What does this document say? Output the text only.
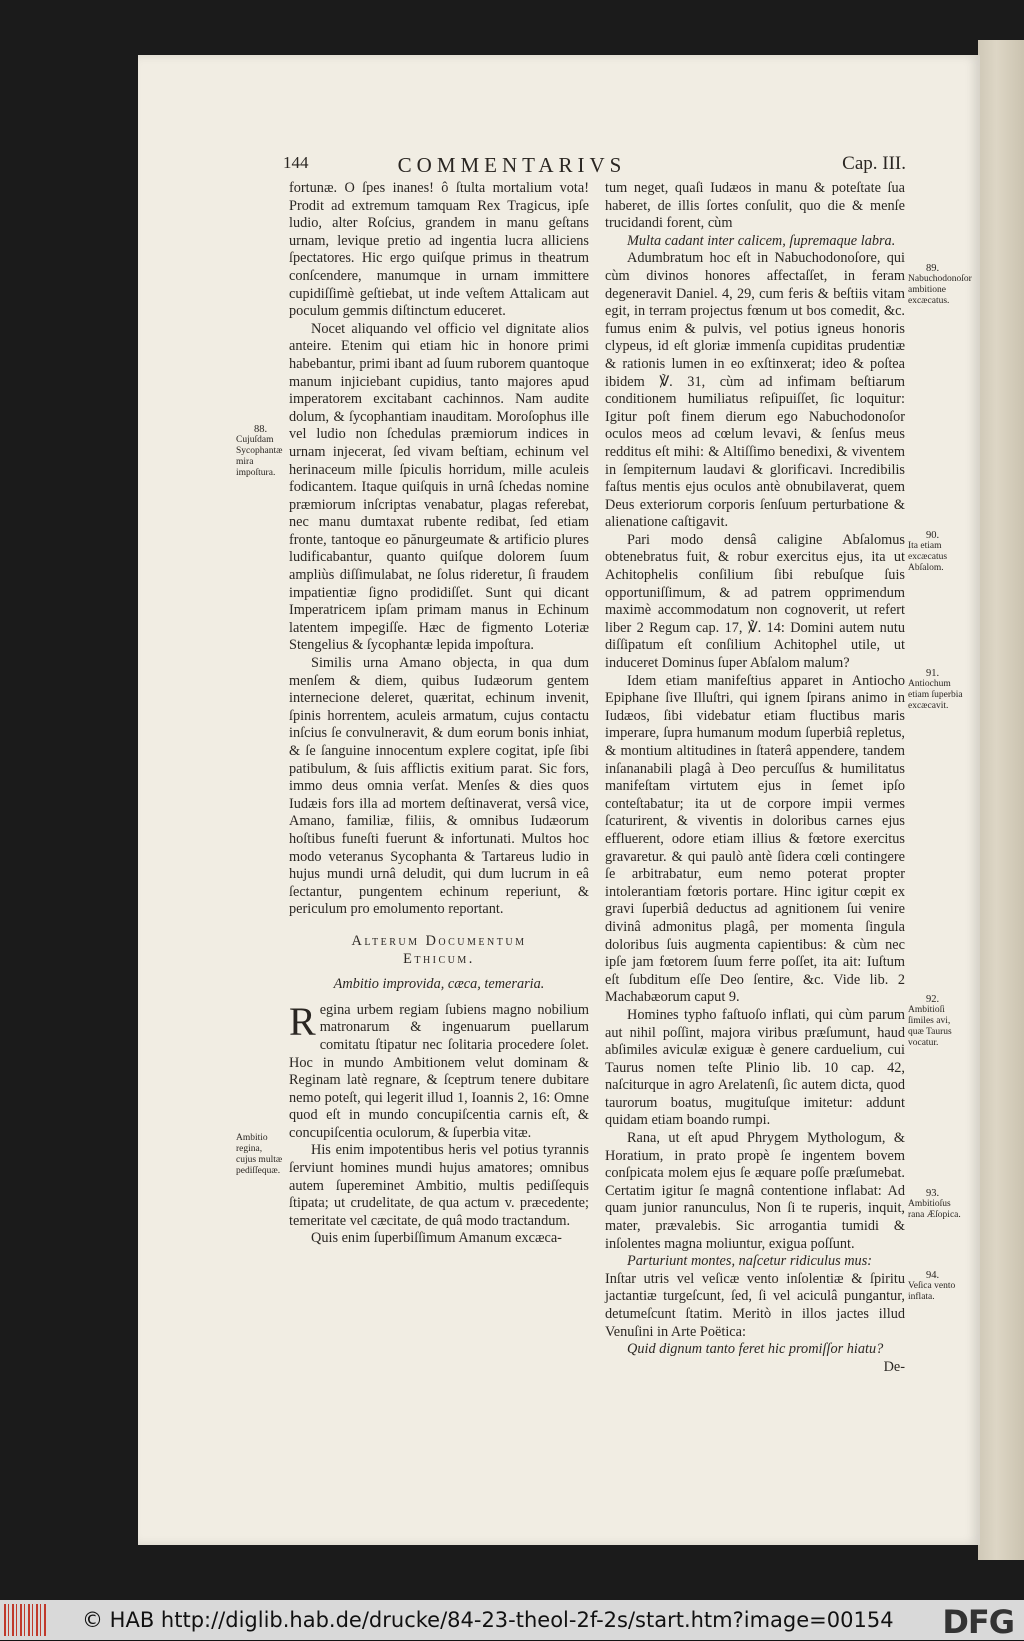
144	COMMENTARIVS	Cap. III.

fortunæ. O ſpes inanes! ô ſtulta mortalium vota! Prodit ad extremum tamquam Rex Tragicus, ipſe ludio, alter Roſcius, grandem in manu geſtans urnam, levique pretio ad ingentia lucra alliciens ſpectatores. Hic ergo quiſque primus in theatrum conſcendere, manumque in urnam immittere cupidiſſimè geſtiebat, ut inde veſtem Attalicam aut poculum gemmis diſtinctum educeret.

Nocet aliquando vel officio vel dignitate alios anteire. Etenim qui etiam hic in honore primi habebantur, primi ibant ad ſuum ruborem quantoque manum injiciebant cupidius, tanto majores apud imperatorem excitabant cachinnos. Nam audite dolum, & ſycophantiam inauditam. Moroſophus ille vel ludio non ſchedulas præmiorum indices in urnam injecerat, ſed vivam beſtiam, echinum vel herinaceum mille ſpiculis horridum, mille aculeis fodicantem. Itaque quiſquis in urnâ ſchedas nomine præmiorum inſcriptas venabatur, plagas referebat, nec manu dumtaxat rubente redibat, ſed etiam fronte, tantoque eo pănurgeumate & artificio plures ludificabantur, quanto quiſque dolorem ſuum ampliùs diſſimulabat, ne ſolus rideretur, ſi fraudem impatientiæ ſigno prodidiſſet. Sunt qui dicant Imperatricem ipſam primam manus in Echinum latentem impegiſſe. Hæc de figmento Loteriæ Stengelius & ſycophantæ lepida impoſtura.

Similis urna Amano objecta, in qua dum menſem & diem, quibus Iudæorum gentem internecione deleret, quæritat, echinum invenit, ſpinis horrentem, aculeis armatum, cujus contactu inſcius ſe convulneravit, & dum eorum bonis inhiat, & ſe ſanguine innocentum explere cogitat, ipſe ſibi patibulum, & ſuis afflictis exitium parat. Sic fors, immo deus omnia verſat. Menſes & dies quos Iudæis fors illa ad mortem deſtinaverat, versâ vice, Amano, familiæ, filiis, & omnibus Iudæorum hoſtibus funeſti fuerunt & infortunati. Multos hoc modo veteranus Sycophanta & Tartareus ludio in hujus mundi urnâ deludit, qui dum lucrum in eâ ſectantur, pungentem echinum reperiunt, & periculum pro emolumento reportant.

Alterum Documentum

Ethicum.

Ambitio improvida, cæca, temeraria.

Regina urbem regiam ſubiens magno nobilium matronarum & ingenuarum puellarum comitatu ſtipatur nec ſolitaria procedere ſolet. Hoc in mundo Ambitionem velut dominam & Reginam latè regnare, & ſceptrum tenere dubitare nemo poteſt, qui legerit illud 1, Ioannis 2, 16: Omne quod eſt in mundo concupiſcentia carnis eſt, & concupiſcentia oculorum, & ſuperbia vitæ.

His enim impotentibus heris vel potius tyrannis ſerviunt homines mundi hujus amatores; omnibus autem ſupereminet Ambitio, multis pediſſequis ſtipata; ut crudelitate, de qua actum v. præcedente; temeritate vel cæcitate, de quâ modo tractandum.

Quis enim ſuperbiſſimum Amanum excæca-

tum neget, quaſi Iudæos in manu & poteſtate ſua haberet, de illis ſortes conſulit, quo die & menſe trucidandi forent, cùm

Multa cadant inter calicem, ſupremaque labra.

Adumbratum hoc eſt in Nabuchodonoſore, qui cùm divinos honores affectaſſet, in feram degeneravit Daniel. 4, 29, cum feris & beſtiis vitam egit, in terram projectus fœnum ut bos comedit, &c. fumus enim & pulvis, vel potius igneus honoris clypeus, id eſt gloriæ immenſa cupiditas prudentiæ & rationis lumen in eo exſtinxerat; ideo & poſtea ibidem ℣. 31, cùm ad infimam beſtiarum conditionem humiliatus reſipuiſſet, ſic loquitur: Igitur poſt finem dierum ego Nabuchodonoſor oculos meos ad cœlum levavi, & ſenſus meus redditus eſt mihi: & Altiſſimo benedixi, & viventem in ſempiternum laudavi & glorificavi. Incredibilis faſtus mentis ejus oculos antè obnubilaverat, quem Deus exteriorum corporis ſenſuum perturbatione & alienatione caſtigavit.

Pari modo densâ caligine Abſalomus obtenebratus fuit, & robur exercitus ejus, ita ut Achitophelis conſilium ſibi rebuſque ſuis opportuniſſimum, & ad patrem opprimendum maximè accommodatum non cognoverit, ut refert liber 2 Regum cap. 17, ℣. 14: Domini autem nutu diſſipatum eſt conſilium Achitophel utile, ut induceret Dominus ſuper Abſalom malum?

Idem etiam manifeſtius apparet in Antiocho Epiphane ſive Illuſtri, qui ignem ſpirans animo in Iudæos, ſibi videbatur etiam fluctibus maris imperare, ſupra humanum modum ſuperbiâ repletus, & montium altitudines in ſtaterâ appendere, tandem inſananabili plagâ à Deo percuſſus & humilitatus manifeſtam virtutem ejus in ſemet ipſo conteſtabatur; ita ut de corpore impii vermes ſcaturirent, & viventis in doloribus carnes ejus effluerent, odore etiam illius & fœtore exercitus gravaretur. & qui paulò antè ſidera cœli contingere ſe arbitrabatur, eum nemo poterat propter intolerantiam fœtoris portare. Hinc igitur cœpit ex gravi ſuperbiâ deductus ad agnitionem ſui venire divinâ admonitus plagâ, per momenta ſingula doloribus ſuis augmenta capientibus: & cùm nec ipſe jam fœtorem ſuum ferre poſſet, ita ait: Iuſtum eſt ſubditum eſſe Deo ſentire, &c. Vide lib. 2 Machabæorum caput 9.

Homines typho faſtuoſo inflati, qui cùm parum aut nihil poſſint, majora viribus præſumunt, haud abſimiles aviculæ exiguæ è genere carduelium, cui Taurus nomen teſte Plinio lib. 10 cap. 42, naſciturque in agro Arelatenſi, ſic autem dicta, quod taurorum boatus, mugituſque imitetur: addunt quidam etiam boando rumpi.

Rana, ut eſt apud Phrygem Mythologum, & Horatium, in prato propè ſe ingentem bovem conſpicata molem ejus ſe æquare poſſe præſumebat. Certatim igitur ſe magnâ contentione inflabat: Ad quam junior ranunculus, Non ſi te ruperis, inquit, mater, prævalebis. Sic arrogantia tumidi & inſolentes magna moliuntur, exigua poſſunt.

Parturiunt montes, naſcetur ridiculus mus:

Inſtar utris vel veſicæ vento inſolentiæ & ſpiritu jactantiæ turgeſcunt, ſed, ſi vel aciculâ pungantur, detumeſcunt ſtatim. Meritò in illos jactes illud Venuſini in Arte Poëtica:

Quid dignum tanto feret hic promiſſor hiatu?

De-

88.
Cujuſdam Sycophantæ mira impoſtura.
Ambitio regina, cujus multæ pediſſequæ.
89.
Nabuchodonoſor ambitione excæcatus.
90.
Ita etiam excæcatus Abſalom.
91.
Antiochum etiam ſuperbia excæcavit.
92.
Ambitioſi ſimiles avi, quæ Taurus vocatur.
93.
Ambitioſus rana Æſopica.
94.
Veſica vento inflata.
© HAB http://diglib.hab.de/drucke/84-23-theol-2f-2s/start.htm?image=00154 DFG
